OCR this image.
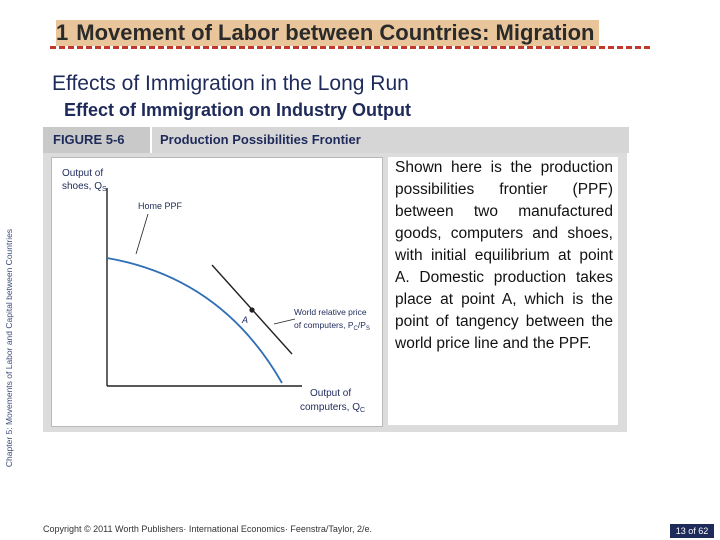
1 Movement of Labor between Countries: Migration
Effects of Immigration in the Long Run
Effect of Immigration on Industry Output
Chapter 5: Movements of Labor and Capital between Countries
FIGURE 5-6	Production Possibilities Frontier
Output of
shoes, $Q_S$
Home PPF
A
World relative price
of computers, $P_C/P_S$
Output of
computers, $Q_C$
Shown here is the production possibilities frontier (PPF) between two manufactured goods, computers and shoes, with initial equilibrium at point A. Domestic production takes place at point A, which is the point of tangency between the world price line and the PPF.
Copyright © 2011 Worth Publishers· International Economics· Feenstra/Taylor, 2/e.	13 of 62
